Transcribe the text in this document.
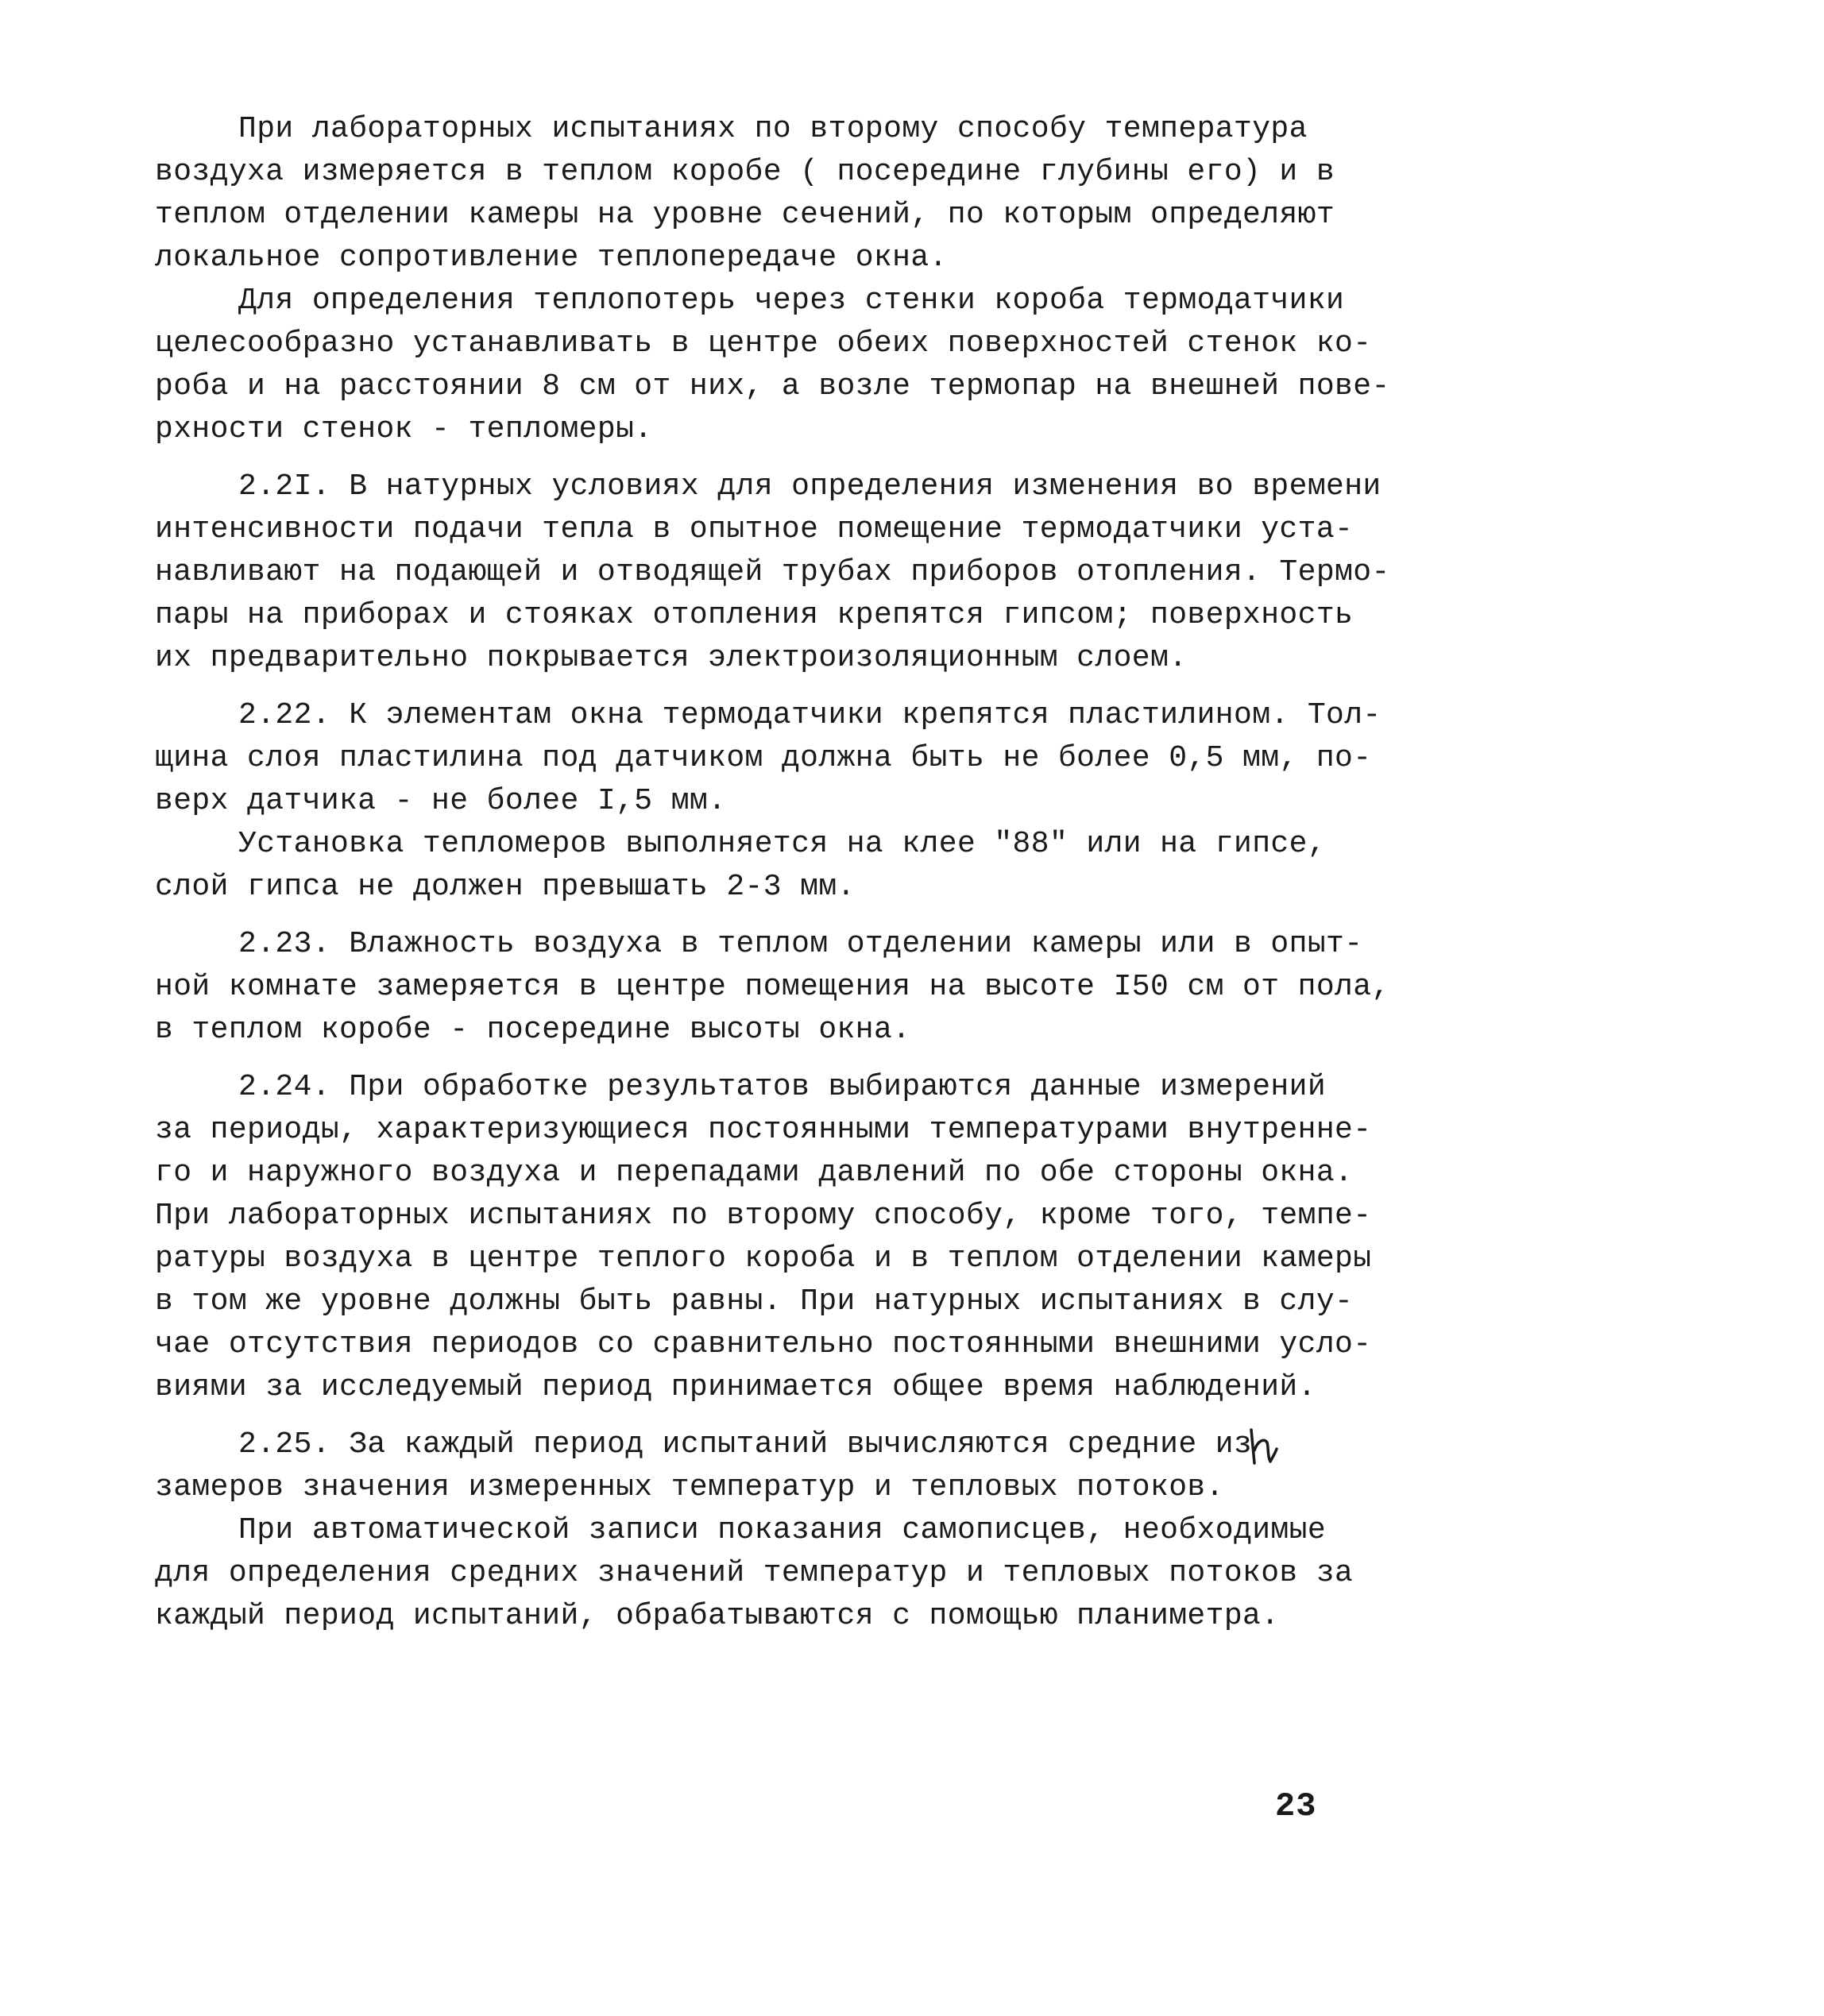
При лабораторных испытаниях по второму способу температура
воздуха измеряется в теплом коробе ( посередине глубины его) и в
теплом отделении камеры на уровне сечений, по которым определяют
локальное сопротивление теплопередаче окна.
Для определения теплопотерь через стенки короба термодатчики
целесообразно устанавливать в центре обеих поверхностей стенок ко-
роба и на расстоянии 8 см от них, а возле термопар на внешней пове-
рхности стенок - тепломеры.
2.2I. В натурных условиях для определения изменения во времени
интенсивности подачи тепла в опытное помещение термодатчики уста-
навливают на подающей и отводящей трубах приборов отопления. Термо-
пары на приборах и стояках отопления крепятся гипсом; поверхность
их предварительно покрывается электроизоляционным слоем.
2.22. К элементам окна термодатчики крепятся пластилином. Тол-
щина слоя пластилина под датчиком должна быть не более 0,5 мм, по-
верх датчика - не более I,5 мм.
Установка тепломеров выполняется на клее "88" или на гипсе,
слой гипса не должен превышать 2-3 мм.
2.23. Влажность воздуха в теплом отделении камеры или в опыт-
ной комнате замеряется в центре помещения на высоте I50 см от пола,
в теплом коробе - посередине высоты окна.
2.24. При обработке результатов выбираются данные измерений
за периоды, характеризующиеся постоянными температурами внутренне-
го и наружного воздуха и перепадами давлений по обе стороны окна.
При лабораторных испытаниях по второму способу, кроме того, темпе-
ратуры воздуха в центре теплого короба и в теплом отделении камеры
в том же уровне должны быть равны. При натурных испытаниях в слу-
чае отсутствия периодов со сравнительно постоянными внешними усло-
виями за исследуемый период принимается общее время наблюдений.
2.25. За каждый период испытаний вычисляются средние из
замеров значения измеренных температур и тепловых потоков.
При автоматической записи показания самописцев, необходимые
для определения средних значений температур и тепловых потоков за
каждый период испытаний, обрабатываются с помощью планиметра.
23
